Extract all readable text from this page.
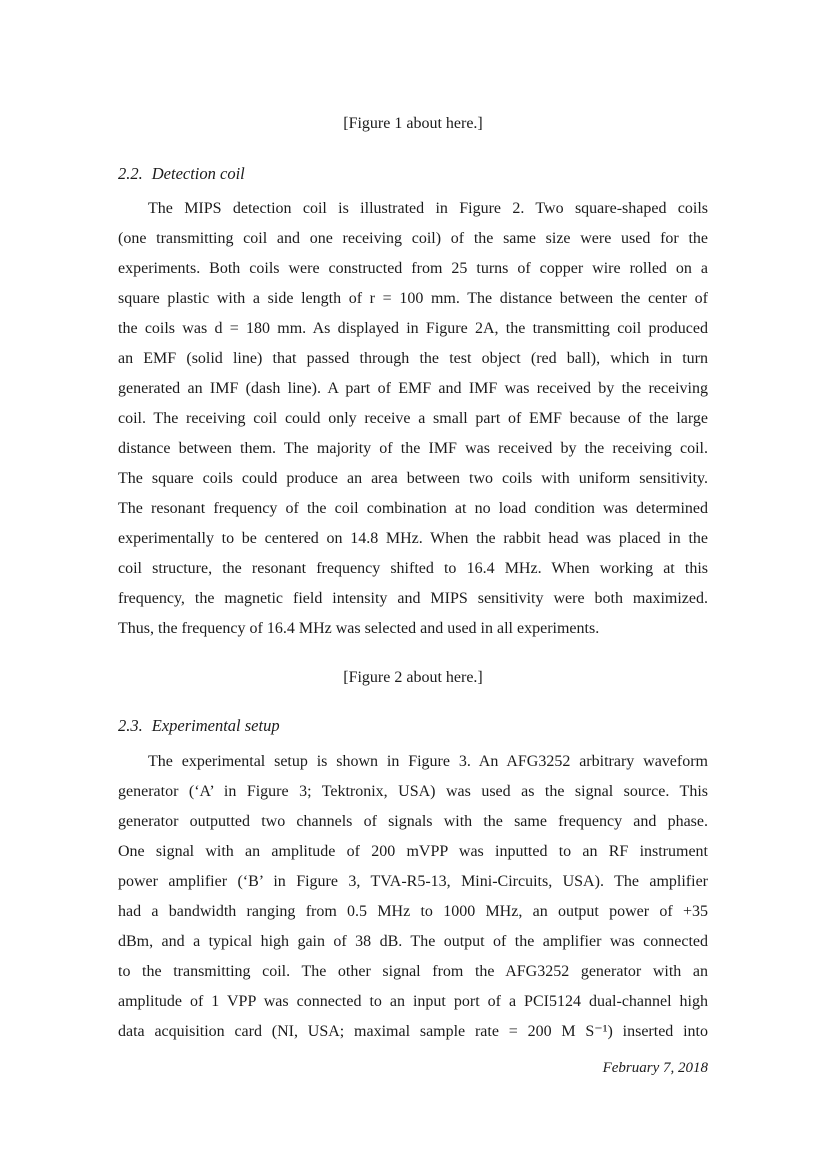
[Figure 1 about here.]
2.2. Detection coil
The MIPS detection coil is illustrated in Figure 2. Two square-shaped coils
(one transmitting coil and one receiving coil) of the same size were used for the
experiments. Both coils were constructed from 25 turns of copper wire rolled on a
square plastic with a side length of r = 100 mm. The distance between the center of
the coils was d = 180 mm. As displayed in Figure 2A, the transmitting coil produced
an EMF (solid line) that passed through the test object (red ball), which in turn
generated an IMF (dash line). A part of EMF and IMF was received by the receiving
coil. The receiving coil could only receive a small part of EMF because of the large
distance between them. The majority of the IMF was received by the receiving coil.
The square coils could produce an area between two coils with uniform sensitivity.
The resonant frequency of the coil combination at no load condition was determined
experimentally to be centered on 14.8 MHz. When the rabbit head was placed in the
coil structure, the resonant frequency shifted to 16.4 MHz. When working at this
frequency, the magnetic field intensity and MIPS sensitivity were both maximized.
Thus, the frequency of 16.4 MHz was selected and used in all experiments.
[Figure 2 about here.]
2.3. Experimental setup
The experimental setup is shown in Figure 3. An AFG3252 arbitrary waveform
generator (‘A’ in Figure 3; Tektronix, USA) was used as the signal source. This
generator outputted two channels of signals with the same frequency and phase.
One signal with an amplitude of 200 mVPP was inputted to an RF instrument
power amplifier (‘B’ in Figure 3, TVA-R5-13, Mini-Circuits, USA). The amplifier
had a bandwidth ranging from 0.5 MHz to 1000 MHz, an output power of +35
dBm, and a typical high gain of 38 dB. The output of the amplifier was connected
to the transmitting coil. The other signal from the AFG3252 generator with an
amplitude of 1 VPP was connected to an input port of a PCI5124 dual-channel high
data acquisition card (NI, USA; maximal sample rate = 200 M S⁻¹) inserted into
February 7, 2018
